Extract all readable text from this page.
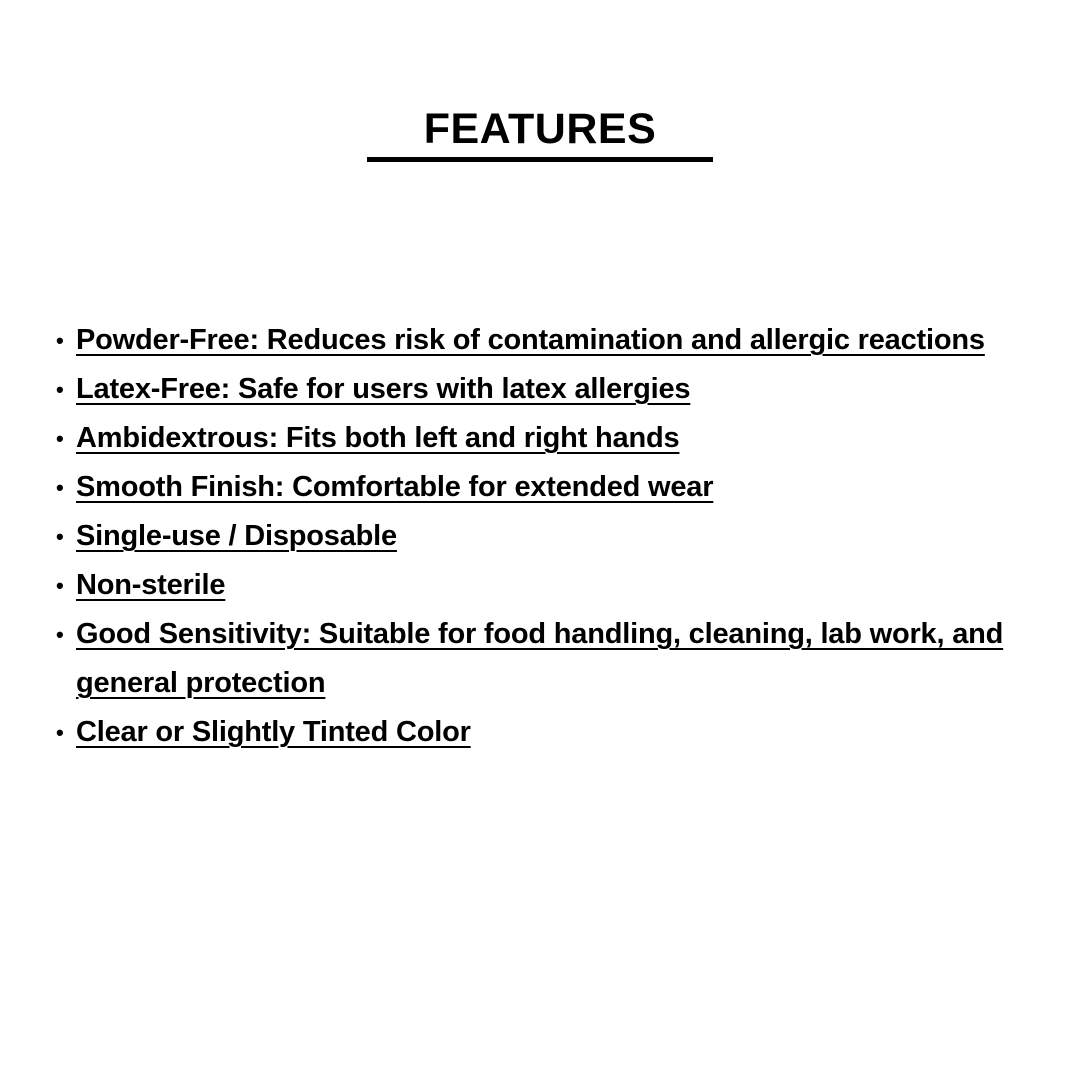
FEATURES
• Powder-Free: Reduces risk of contamination and allergic reactions
• Latex-Free: Safe for users with latex allergies
• Ambidextrous: Fits both left and right hands
• Smooth Finish: Comfortable for extended wear
• Single-use / Disposable
• Non-sterile
• Good Sensitivity: Suitable for food handling, cleaning, lab work, and general protection
• Clear or Slightly Tinted Color
